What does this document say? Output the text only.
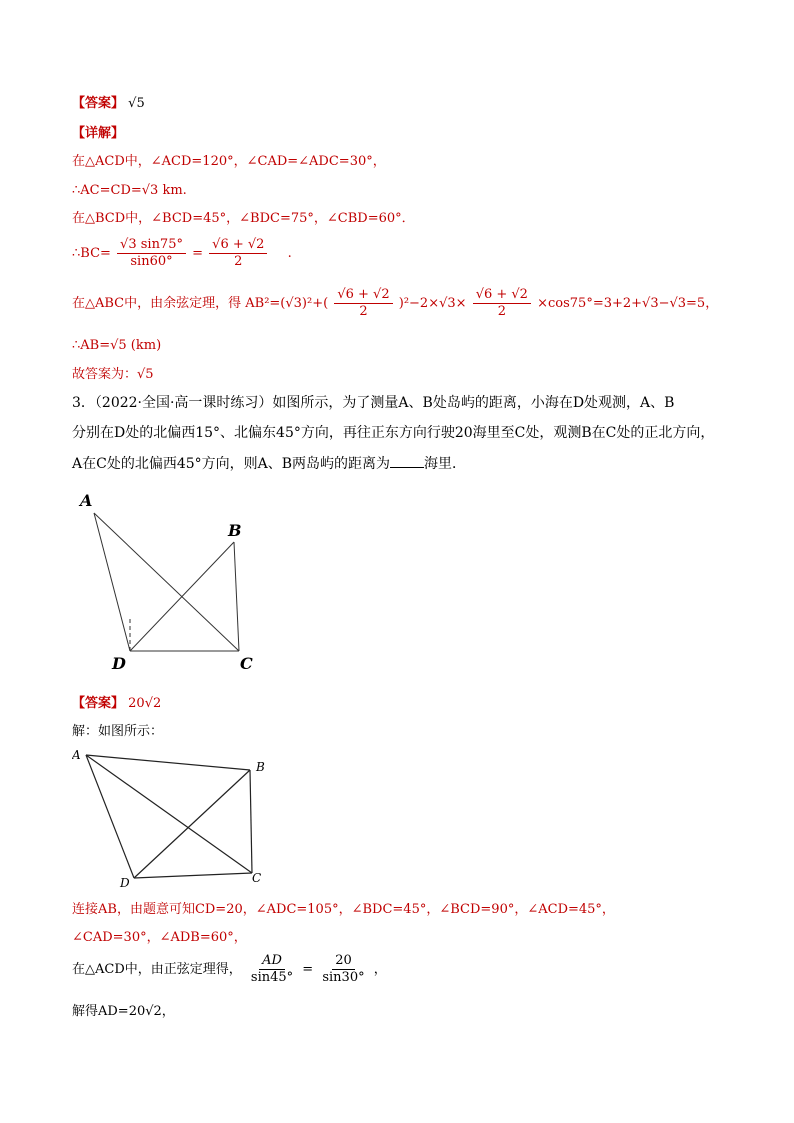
【答案】 √5
【详解】
在△ACD中，∠ACD=120°，∠CAD=∠ADC=30°，
∴AC=CD=√3 km.
在△BCD中，∠BCD=45°，∠BDC=75°，∠CBD=60°．
∴BC= $\frac{√3 \sin 75^\circ}{\sin 60^\circ} = \frac{√6 + √2}{2}$ .
在△ABC中，由余弦定理，得 $AB^2=(√3)^2+( \frac{√6 + √2}{2} )^2-2\times√3\times \frac{√6 + √2}{2} \times\cos 75^\circ=3+2+√3-√3=5$，
∴AB=√5 (km)
故答案为：√5
3．（2022·全国·高一课时练习）如图所示，为了测量A、B处岛屿的距离，小海在D处观测，A、B
分别在D处的北偏西15°、北偏东45°方向，再往正东方向行驶20海里至C处，观测B在C处的正北方向，
A在C处的北偏西45°方向，则A、B两岛屿的距离为 海里．
A
B
C
D
【答案】 20√2
解：如图所示：
A
B
C
D
连接AB，由题意可知CD=20，∠ADC=105°，∠BDC=45°，∠BCD=90°，∠ACD=45°，
∠CAD=30°，∠ADB=60°，
在△ACD中，由正弦定理得， $\frac{AD}{\sin 45^\circ} = \frac{20}{\sin 30^\circ}$ ，
解得AD=20√2，
